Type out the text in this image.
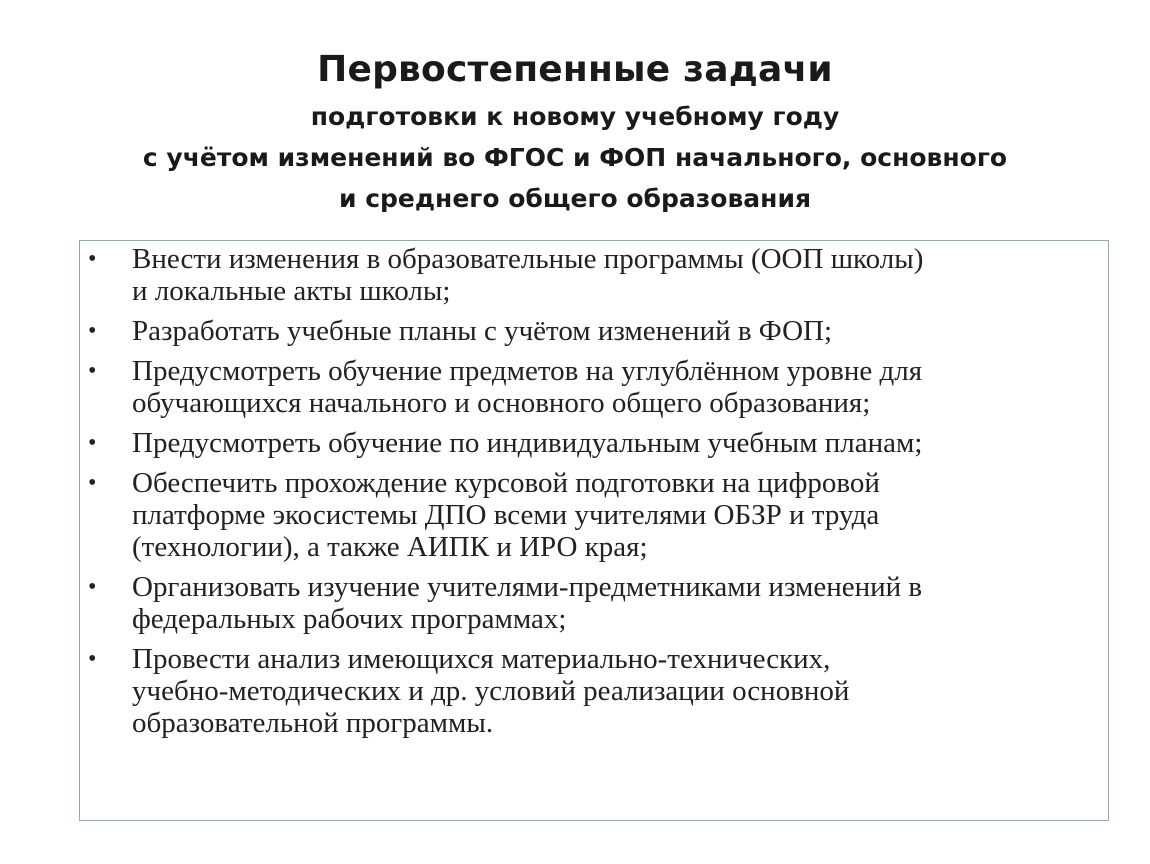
Первостепенные задачи
подготовки к новому учебному году
с учётом изменений во ФГОС и ФОП начального, основного
и среднего общего образования
• Внести изменения в образовательные программы (ООП школы)
и локальные акты школы;
• Разработать учебные планы с учётом изменений в ФОП;
• Предусмотреть обучение предметов на углублённом уровне для
обучающихся начального и основного общего образования;
• Предусмотреть обучение по индивидуальным учебным планам;
• Обеспечить прохождение курсовой подготовки на цифровой
платформе экосистемы ДПО всеми учителями ОБЗР и труда
(технологии), а также АИПК и ИРО края;
• Организовать изучение учителями-предметниками изменений в
федеральных рабочих программах;
• Провести анализ имеющихся материально-технических,
учебно-методических и др. условий реализации основной
образовательной программы.
